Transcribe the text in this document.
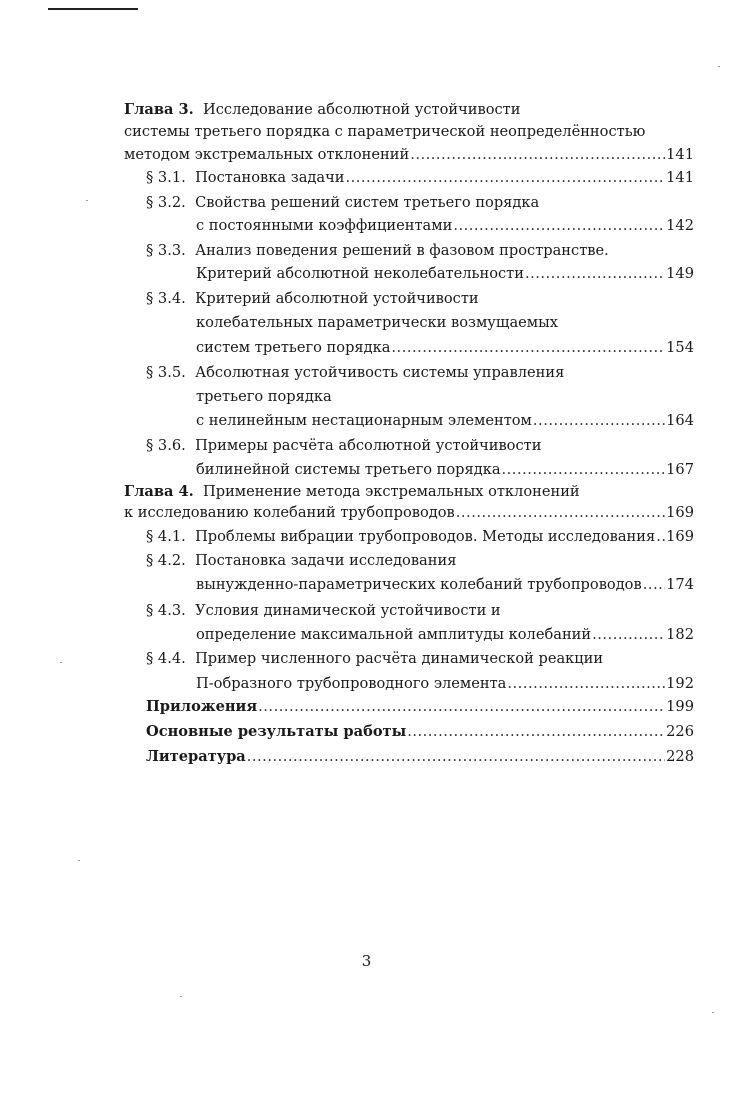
Глава 3. Исследование абсолютной устойчивости
системы третьего порядка с параметрической неопределённостью
методом экстремальных отклонений .....	141
§ 3.1. Постановка задачи .....	141
§ 3.2. Свойства решений систем третьего порядка
с постоянными коэффициентами .....	142
§ 3.3. Анализ поведения решений в фазовом пространстве.
Критерий абсолютной неколебательности .....	149
§ 3.4. Критерий абсолютной устойчивости
колебательных параметрически возмущаемых
систем третьего порядка .....	154
§ 3.5. Абсолютная устойчивость системы управления
третьего порядка
с нелинейным нестационарным элементом .....	164
§ 3.6. Примеры расчёта абсолютной устойчивости
билинейной системы третьего порядка .....	167
Глава 4. Применение метода экстремальных отклонений
к исследованию колебаний трубопроводов .....	169
§ 4.1. Проблемы вибрации трубопроводов. Методы исследования ..... 169
§ 4.2. Постановка задачи исследования
вынужденно-параметрических колебаний трубопроводов ..... 174
§ 4.3. Условия динамической устойчивости и
определение максимальной амплитуды колебаний .....	182
§ 4.4. Пример численного расчёта динамической реакции
П-образного трубопроводного элемента .....	192
Приложения .....	199
Основные результаты работы .....	226
Литература .....	228
3
